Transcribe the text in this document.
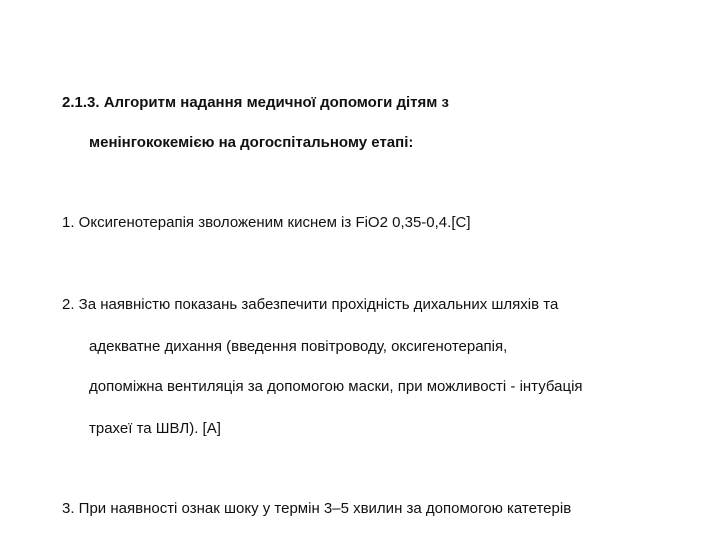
2.1.3. Алгоритм надання медичної допомоги дітям з
менінгококемією на догоспітальному етапі:
1. Оксигенотерапія зволоженим киснем із FiO2 0,35-0,4.[C]
2. За наявністю показань забезпечити прохідність дихальних шляхів та
адекватне дихання (введення повітроводу, оксигенотерапія,
допоміжна вентиляція за допомогою маски, при можливості - інтубація
трахеї та ШВЛ). [A]
3. При наявності ознак шоку у термін 3–5 хвилин за допомогою катетерів
